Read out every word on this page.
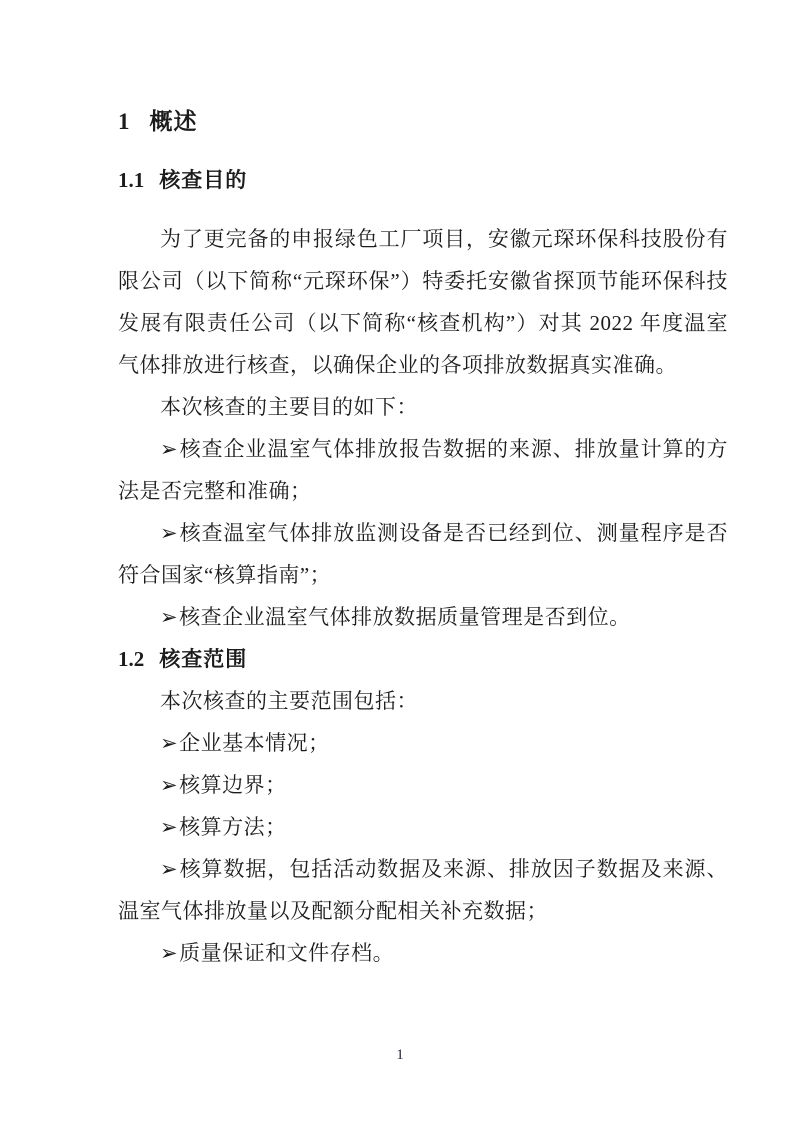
1 概述
1.1 核查目的

为了更完备的申报绿色工厂项目，安徽元琛环保科技股份有限公司（以下简称“元琛环保”）特委托安徽省探顶节能环保科技发展有限责任公司（以下简称“核查机构”）对其 2022 年度温室气体排放进行核查，以确保企业的各项排放数据真实准确。

本次核查的主要目的如下：

➢核查企业温室气体排放报告数据的来源、排放量计算的方法是否完整和准确；

➢核查温室气体排放监测设备是否已经到位、测量程序是否符合国家“核算指南”；

➢核查企业温室气体排放数据质量管理是否到位。

1.2 核查范围

本次核查的主要范围包括：

➢企业基本情况；

➢核算边界；

➢核算方法；

➢核算数据，包括活动数据及来源、排放因子数据及来源、温室气体排放量以及配额分配相关补充数据；

➢质量保证和文件存档。

1
